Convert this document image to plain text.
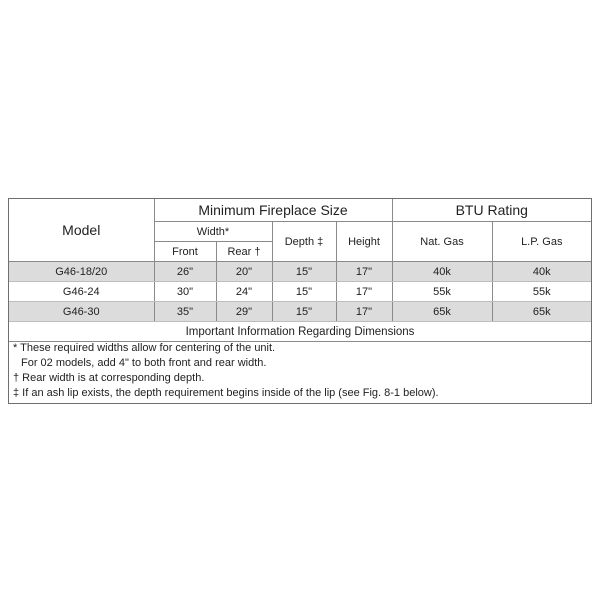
Model	Minimum Fireplace Size				BTU Rating	
	Width*		Depth ‡	Height	Nat. Gas	L.P. Gas
	Front	Rear †				
G46-18/20	26"	20"	15"	17"	40k	40k
G46-24	30"	24"	15"	17"	55k	55k
G46-30	35"	29"	15"	17"	65k	65k
Important Information Regarding Dimensions						
* These required widths allow for centering of the unit.
For 02 models, add 4" to both front and rear width.
† Rear width is at corresponding depth.
‡ If an ash lip exists, the depth requirement begins inside of the lip (see Fig. 8-1 below).
